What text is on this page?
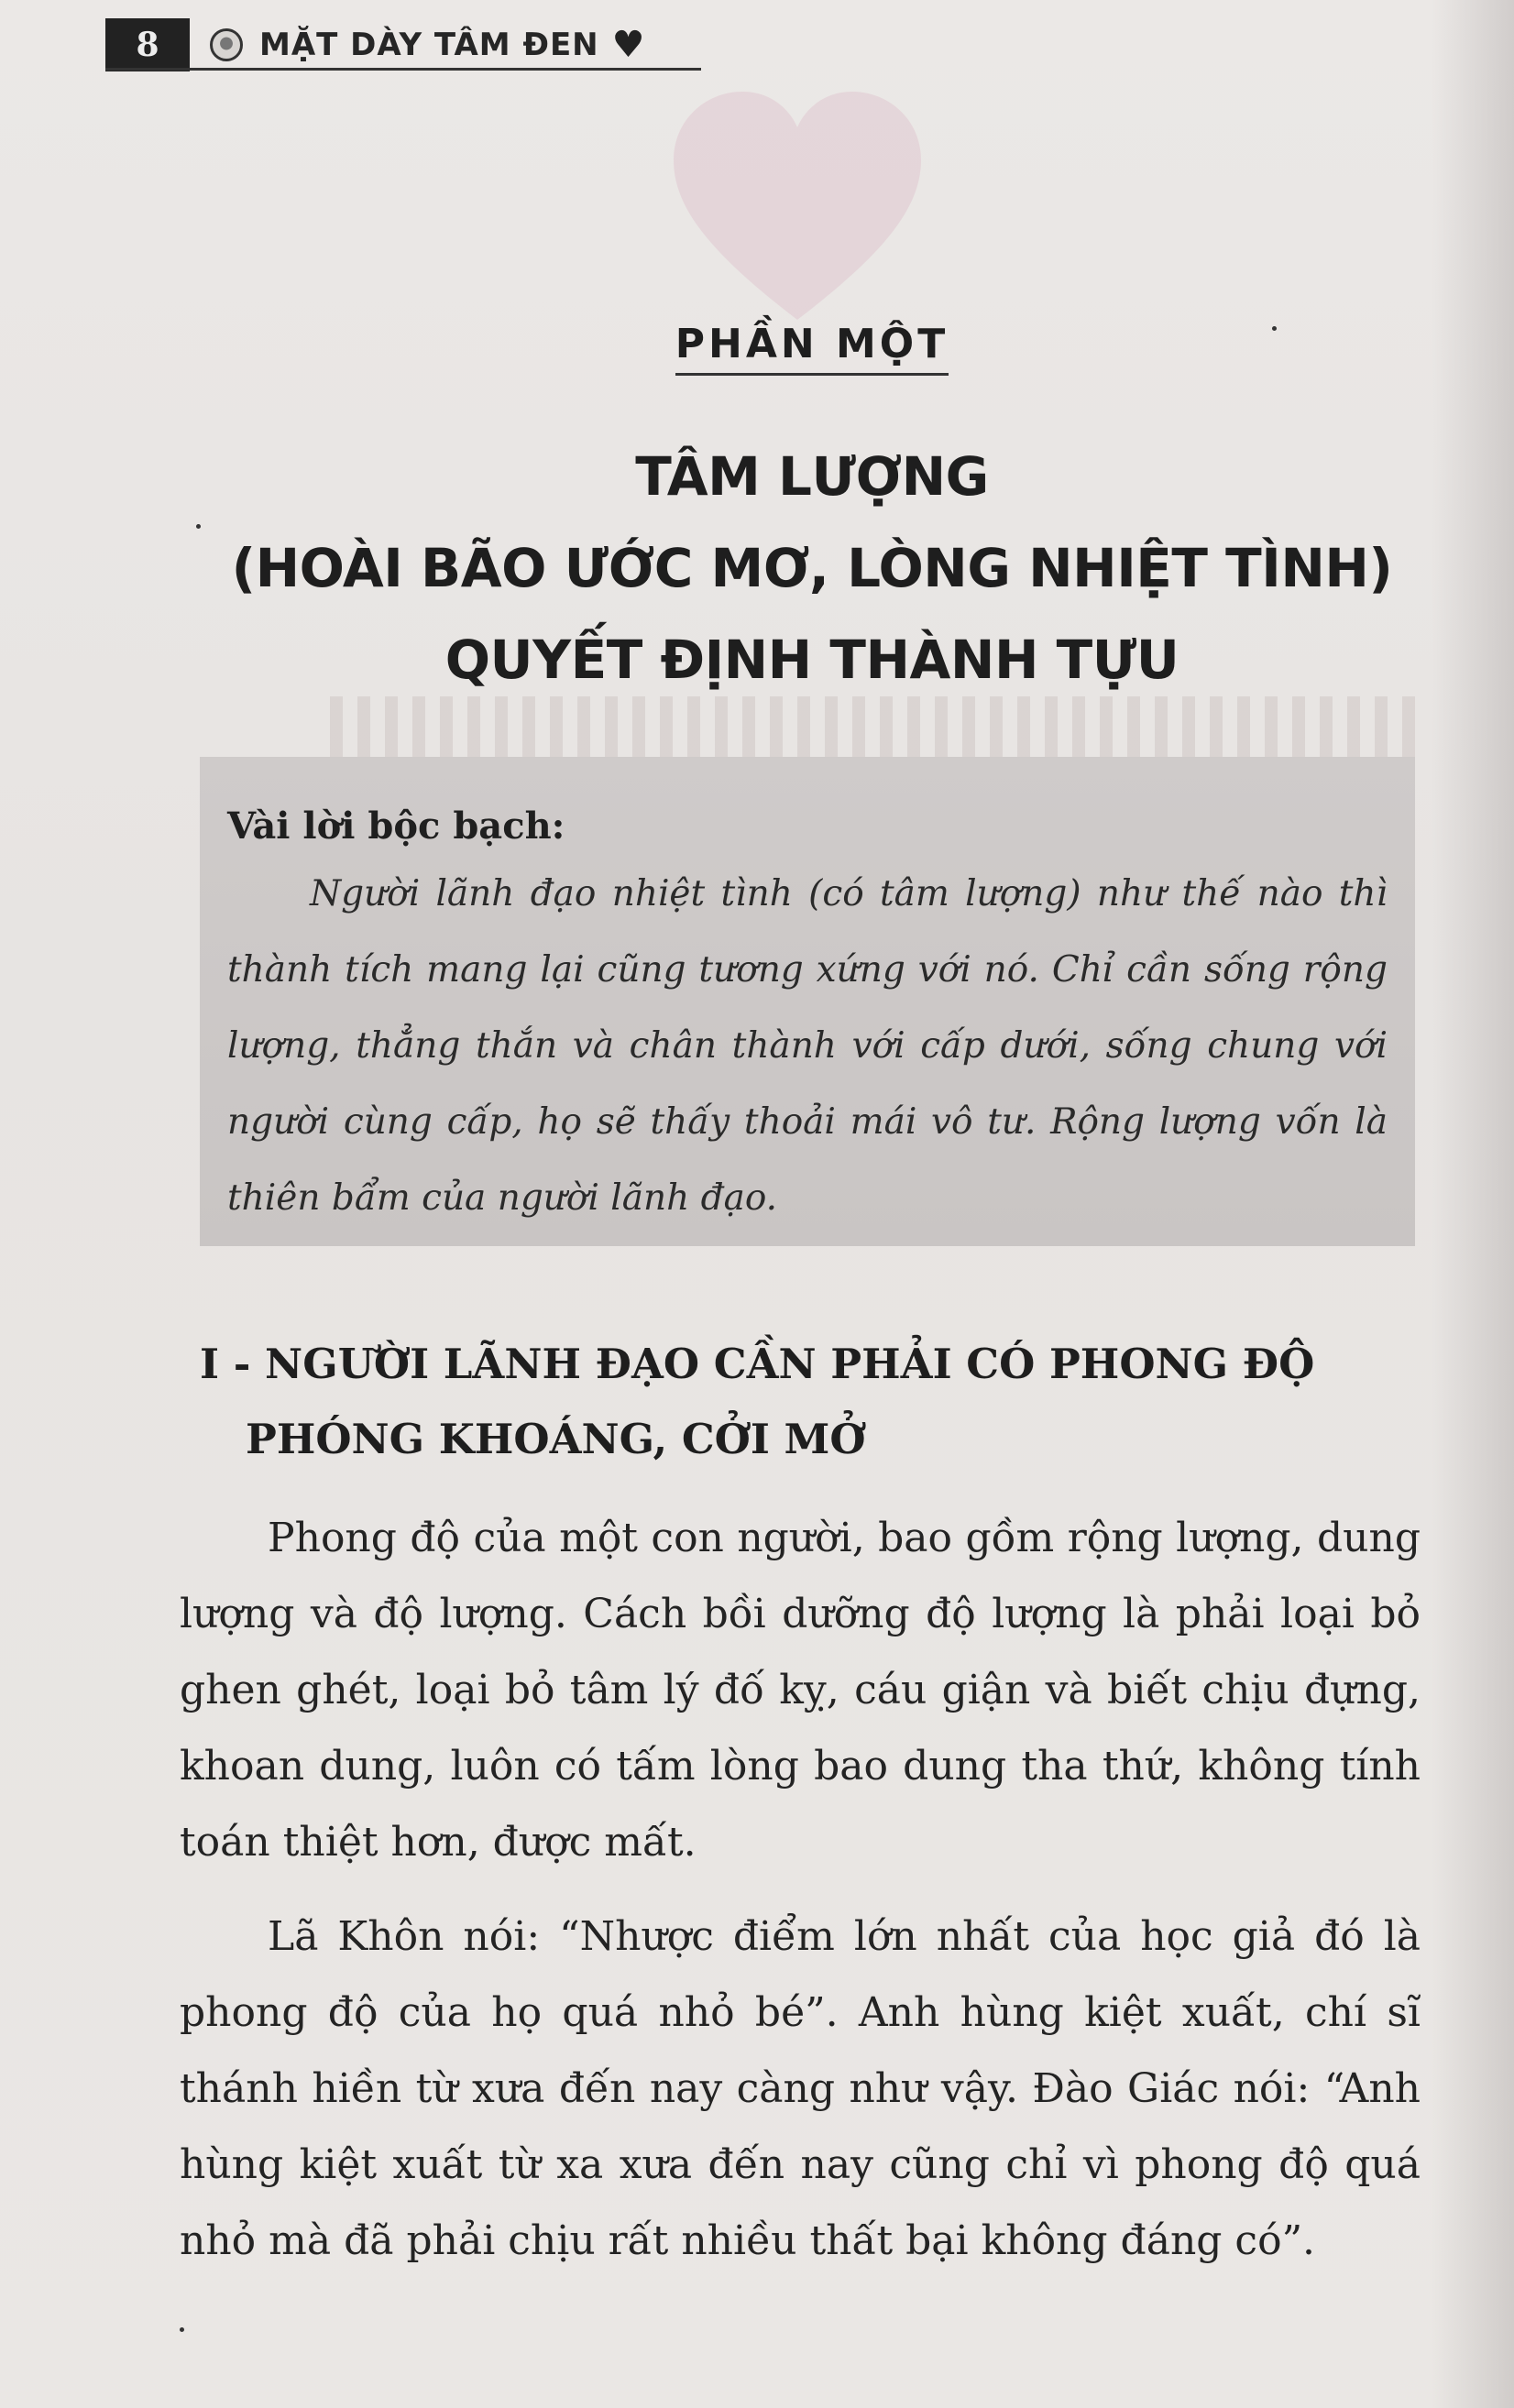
8	MẶT DÀY TÂM ĐEN ♥
PHẦN MỘT
TÂM LƯỢNG
(HOÀI BÃO ƯỚC MƠ, LÒNG NHIỆT TÌNH)
QUYẾT ĐỊNH THÀNH TỰU
Vài lời bộc bạch:
Người lãnh đạo nhiệt tình (có tâm lượng) như thế nào thì thành tích mang lại cũng tương xứng với nó. Chỉ cần sống rộng lượng, thẳng thắn và chân thành với cấp dưới, sống chung với người cùng cấp, họ sẽ thấy thoải mái vô tư. Rộng lượng vốn là thiên bẩm của người lãnh đạo.
I - NGƯỜI LÃNH ĐẠO CẦN PHẢI CÓ PHONG ĐỘ PHÓNG KHOÁNG, CỞI MỞ
Phong độ của một con người, bao gồm rộng lượng, dung lượng và độ lượng. Cách bồi dưỡng độ lượng là phải loại bỏ ghen ghét, loại bỏ tâm lý đố kỵ, cáu giận và biết chịu đựng, khoan dung, luôn có tấm lòng bao dung tha thứ, không tính toán thiệt hơn, được mất.
Lã Khôn nói: “Nhược điểm lớn nhất của học giả đó là phong độ của họ quá nhỏ bé”. Anh hùng kiệt xuất, chí sĩ thánh hiền từ xưa đến nay càng như vậy. Đào Giác nói: “Anh hùng kiệt xuất từ xa xưa đến nay cũng chỉ vì phong độ quá nhỏ mà đã phải chịu rất nhiều thất bại không đáng có”.
